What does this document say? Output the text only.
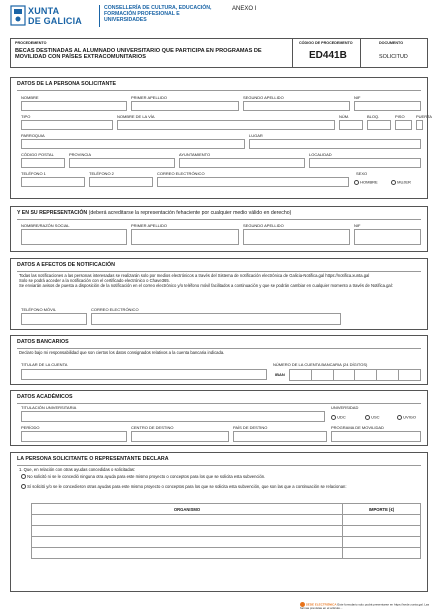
XUNTA
DE GALICIA
CONSELLERÍA DE CULTURA, EDUCACIÓN, FORMACIÓN PROFESIONAL E UNIVERSIDADES
ANEXO I
PROCEDEMENTO
BECAS DESTINADAS AL ALUMNADO UNIVERSITARIO QUE PARTICIPA EN PROGRAMAS DE MOVILIDAD CON PAÍSES EXTRACOMUNITARIOS
CÓDIGO DE PROCEDEMENTO
ED441B
DOCUMENTO
SOLICITUD
DATOS DE LA PERSONA SOLICITANTE
NOMBRE	PRIMER APELLIDO	SEGUNDO APELLIDO	NIF
TIPO	NOMBRE DE LA VÍA	NÚM.	BLOQ.	PISO	PUERTA
PARROQUIA	LUGAR
CÓDIGO POSTAL	PROVINCIA	AYUNTAMIENTO	LOCALIDAD
TELÉFONO 1	TELÉFONO 2	CORREO ELECTRÓNICO	SEXO
HOMBRE	MUJER
Y EN SU REPRESENTACIÓN (deberá acreditarse la representación fehaciente por cualquier medio válido en derecho)
NOMBRE/RAZÓN SOCIAL	PRIMER APELLIDO	SEGUNDO APELLIDO	NIF
DATOS A EFECTOS DE NOTIFICACIÓN
Todas las notificaciones a las personas interesadas se realizarán solo por medios electrónicos a través del Sistema de notificación electrónica de Galicia-Notifica.gal https://notifica.xunta.gal
Solo se podrá acceder a la notificación con el certificado electrónico o Chave365.
Se enviarán avisos de puesta a disposición de la notificación en el correo electrónico y/o teléfono móvil facilitados a continuación y que se podrán cambiar en cualquier momento a través de Notifica.gal:
TELÉFONO MÓVIL	CORREO ELECTRÓNICO
DATOS BANCARIOS
Declaro bajo mi responsabilidad que son ciertos los datos consignados relativos a la cuenta bancaria indicada.
TITULAR DE LA CUENTA	NÚMERO DE LA CUENTA BANCARIA (24 DÍGITOS)
IBAN

DATOS ACADÉMICOS
TITULACIÓN UNIVERSITARIA	UNIVERSIDAD
UDC	USC	UVIGO
PERÍODO	CENTRO DE DESTINO	PAÍS DE DESTINO	PROGRAMA DE MOVILIDAD
LA PERSONA SOLICITANTE O REPRESENTANTE DECLARA
1. Que, en relación con otras ayudas concedidas o solicitadas:
No solicitó ni se le concedió ninguna otra ayuda para este mismo proyecto o conceptos para los que se solicita esta subvención.
Sí solicitó y/o se le concedieron otras ayudas para este mismo proyecto o conceptos para los que se solicita esta subvención, que son las que a continuación se relacionan:
ORGANISMO	IMPORTE (€)

SEDE ELECTRÓNICA Este formulario solo podrá presentarse en https://sede.xunta.gal. Las formas previstas en el artículo...
